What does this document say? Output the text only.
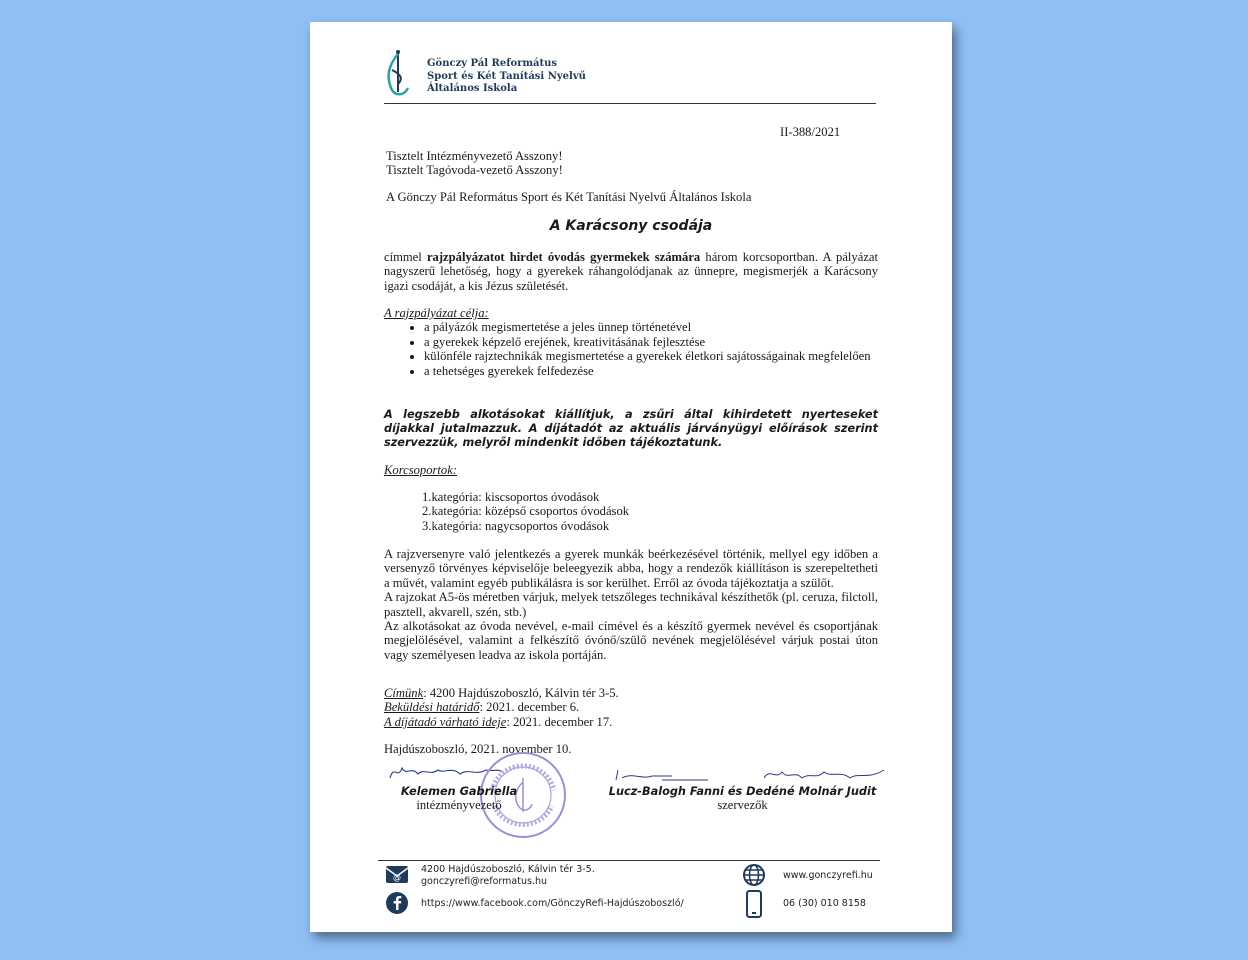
Gönczy Pál Református
Sport és Két Tanítási Nyelvű
Általános Iskola
II-388/2021
Tisztelt Intézményvezető Asszony!
Tisztelt Tagóvoda-vezető Asszony!
A Gönczy Pál Református Sport és Két Tanítási Nyelvű Általános Iskola
A Karácsony csodája
címmel rajzpályázatot hirdet óvodás gyermekek számára három korcsoportban. A pályázat nagyszerű lehetőség, hogy a gyerekek ráhangolódjanak az ünnepre, megismerjék a Karácsony igazi csodáját, a kis Jézus születését.
A rajzpályázat célja:
• a pályázók megismertetése a jeles ünnep történetével
• a gyerekek képzelő erejének, kreativitásának fejlesztése
• különféle rajztechnikák megismertetése a gyerekek életkori sajátosságainak megfelelően
• a tehetséges gyerekek felfedezése
A legszebb alkotásokat kiállítjuk, a zsűri által kihirdetett nyerteseket díjakkal jutalmazzuk. A díjátadót az aktuális járványügyi előírások szerint szervezzük, melyről mindenkit időben tájékoztatunk.
Korcsoportok:
1.kategória: kiscsoportos óvodások
2.kategória: középső csoportos óvodások
3.kategória: nagycsoportos óvodások
A rajzversenyre való jelentkezés a gyerek munkák beérkezésével történik, mellyel egy időben a versenyző törvényes képviselője beleegyezik abba, hogy a rendezők kiállításon is szerepeltetheti a művét, valamint egyéb publikálásra is sor kerülhet. Erről az óvoda tájékoztatja a szülőt.
A rajzokat A5-ös méretben várjuk, melyek tetszőleges technikával készíthetők (pl. ceruza, filctoll, pasztell, akvarell, szén, stb.)
Az alkotásokat az óvoda nevével, e-mail címével és a készítő gyermek nevével és csoportjának megjelölésével, valamint a felkészítő óvónő/szülő nevének megjelölésével várjuk postai úton vagy személyesen leadva az iskola portáján.
Címünk: 4200 Hajdúszoboszló, Kálvin tér 3-5.
Beküldési határidő: 2021. december 6.
A díjátadó várható ideje: 2021. december 17.
Hajdúszoboszló, 2021. november 10.
Kelemen Gabriella
intézményvezető
Lucz-Balogh Fanni és Dedéné Molnár Judit
szervezők
@
4200 Hajdúszoboszló, Kálvin tér 3-5.
gonczyrefi@reformatus.hu
https://www.facebook.com/GönczyRefi-Hajdúszoboszló/
www.gonczyrefi.hu
06 (30) 010 8158
